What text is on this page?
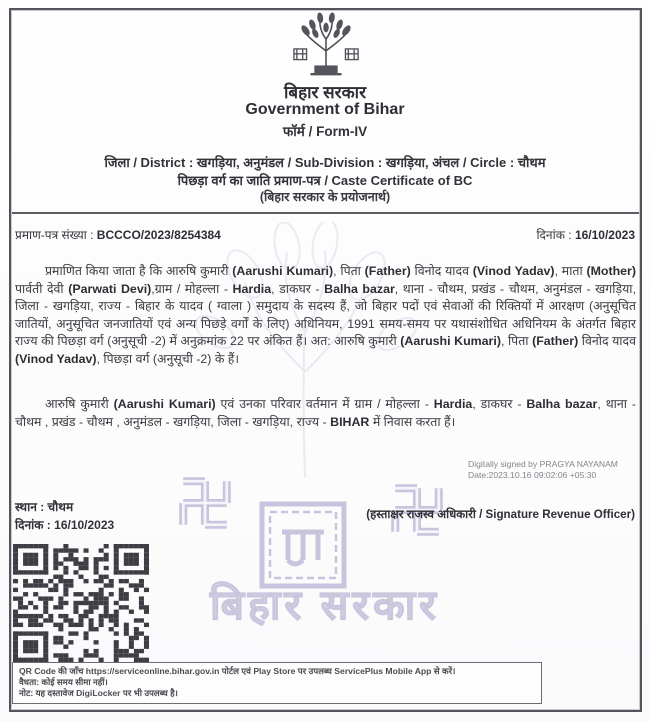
बिहार सरकार
बिहार सरकार
Government of Bihar
फॉर्म / Form-IV
जिला / District : खगड़िया, अनुमंडल / Sub-Division : खगड़िया, अंचल / Circle : चौथम
पिछड़ा वर्ग का जाति प्रमाण-पत्र / Caste Certificate of BC
(बिहार सरकार के प्रयोजनार्थ)
प्रमाण-पत्र संख्या : BCCCO/2023/8254384	दिनांक : 16/10/2023
प्रमाणित किया जाता है कि आरुषि कुमारी (Aarushi Kumari), पिता (Father) विनोद यादव (Vinod Yadav), माता (Mother) पार्वती देवी (Parwati Devi),ग्राम / मोहल्ला - Hardia, डाकघर - Balha bazar, थाना - चौथम, प्रखंड - चौथम, अनुमंडल - खगड़िया, जिला - खगड़िया, राज्य - बिहार के यादव ( ग्वाला ) समुदाय के सदस्य हैं, जो बिहार पदों एवं सेवाओं की रिक्तियों में आरक्षण (अनुसूचित जातियों, अनुसूचित जनजातियों एवं अन्य पिछड़े वर्गों के लिए) अधिनियम, 1991 समय-समय पर यथासंशोधित अधिनियम के अंतर्गत बिहार राज्य की पिछड़ा वर्ग (अनुसूची -2) में अनुक्रमांक 22 पर अंकित हैं। अत: आरुषि कुमारी (Aarushi Kumari), पिता (Father) विनोद यादव (Vinod Yadav), पिछड़ा वर्ग (अनुसूची -2) के हैं।
आरुषि कुमारी (Aarushi Kumari) एवं उनका परिवार वर्तमान में ग्राम / मोहल्ला - Hardia, डाकघर - Balha bazar, थाना - चौथम , प्रखंड - चौथम , अनुमंडल - खगड़िया, जिला - खगड़िया, राज्य - BIHAR में निवास करता हैं।
Digitally signed by PRAGYA NAYANAM
Date:2023.10.16 09:02:06 +05:30
स्थान : चौथम
दिनांक : 16/10/2023
(हस्ताक्षर राजस्व अधिकारी / Signature Revenue Officer)
QR Code की जाँच https://serviceonline.bihar.gov.in पोर्टल एवं Play Store पर उपलब्ध ServicePlus Mobile App से करें।
वैधता: कोई समय सीमा नहीं।
नोट: यह दस्तावेज DigiLocker पर भी उपलब्ध है।
